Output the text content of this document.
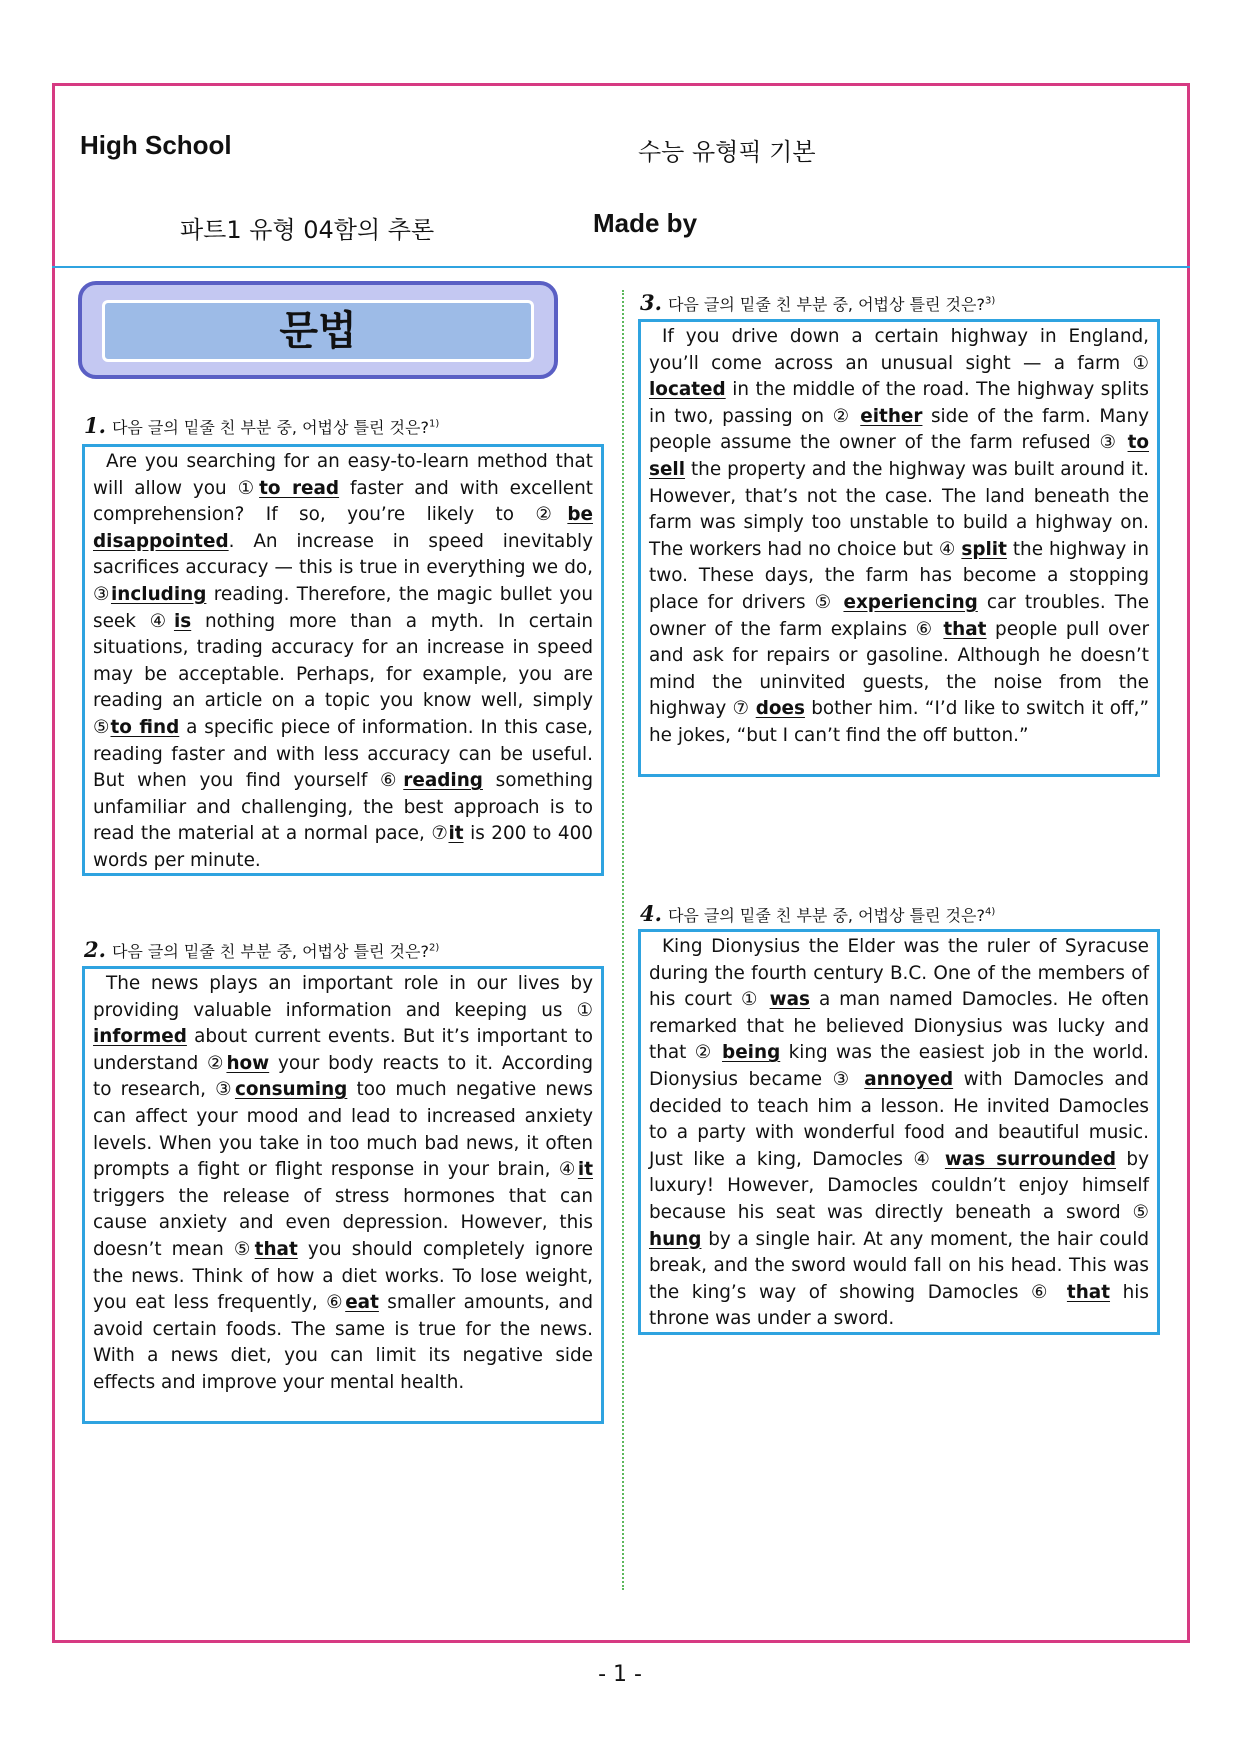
High School	수능 유형픽 기본
파트1 유형 04함의 추론	Made by
문법
1. 다음 글의 밑줄 친 부분 중, 어법상 틀린 것은?$^{1)}$

Are you searching for an easy-to-learn method that will allow you ①to read faster and with excellent comprehension? If so, you’re likely to ②be disappointed. An increase in speed inevitably sacrifices accuracy — this is true in everything we do, ③including reading. Therefore, the magic bullet you seek ④is nothing more than a myth. In certain situations, trading accuracy for an increase in speed may be acceptable. Perhaps, for example, you are reading an article on a topic you know well, simply ⑤to find a specific piece of information. In this case, reading faster and with less accuracy can be useful. But when you find yourself ⑥reading something unfamiliar and challenging, the best approach is to read the material at a normal pace, ⑦it is 200 to 400 words per minute.

2. 다음 글의 밑줄 친 부분 중, 어법상 틀린 것은?$^{2)}$

The news plays an important role in our lives by providing valuable information and keeping us ① informed about current events. But it’s important to understand ②how your body reacts to it. According to research, ③consuming too much negative news can affect your mood and lead to increased anxiety levels. When you take in too much bad news, it often prompts a fight or flight response in your brain, ④it triggers the release of stress hormones that can cause anxiety and even depression. However, this doesn’t mean ⑤that you should completely ignore the news. Think of how a diet works. To lose weight, you eat less frequently, ⑥eat smaller amounts, and avoid certain foods. The same is true for the news. With a news diet, you can limit its negative side effects and improve your mental health.

3. 다음 글의 밑줄 친 부분 중, 어법상 틀린 것은?$^{3)}$

If you drive down a certain highway in England, you’ll come across an unusual sight — a farm ① located in the middle of the road. The highway splits in two, passing on ② either side of the farm. Many people assume the owner of the farm refused ③ to sell the property and the highway was built around it. However, that’s not the case. The land beneath the farm was simply too unstable to build a highway on. The workers had no choice but ④ split the highway in two. These days, the farm has become a stopping place for drivers ⑤ experiencing car troubles. The owner of the farm explains ⑥ that people pull over and ask for repairs or gasoline. Although he doesn’t mind the uninvited guests, the noise from the highway ⑦ does bother him. “I’d like to switch it off,” he jokes, “but I can’t find the off button.”

4. 다음 글의 밑줄 친 부분 중, 어법상 틀린 것은?$^{4)}$

King Dionysius the Elder was the ruler of Syracuse during the fourth century B.C. One of the members of his court ① was a man named Damocles. He often remarked that he believed Dionysius was lucky and that ② being king was the easiest job in the world. Dionysius became ③ annoyed with Damocles and decided to teach him a lesson. He invited Damocles to a party with wonderful food and beautiful music. Just like a king, Damocles ④ was surrounded by luxury! However, Damocles couldn’t enjoy himself because his seat was directly beneath a sword ⑤ hung by a single hair. At any moment, the hair could break, and the sword would fall on his head. This was the king’s way of showing Damocles ⑥ that his throne was under a sword.

- 1 -
